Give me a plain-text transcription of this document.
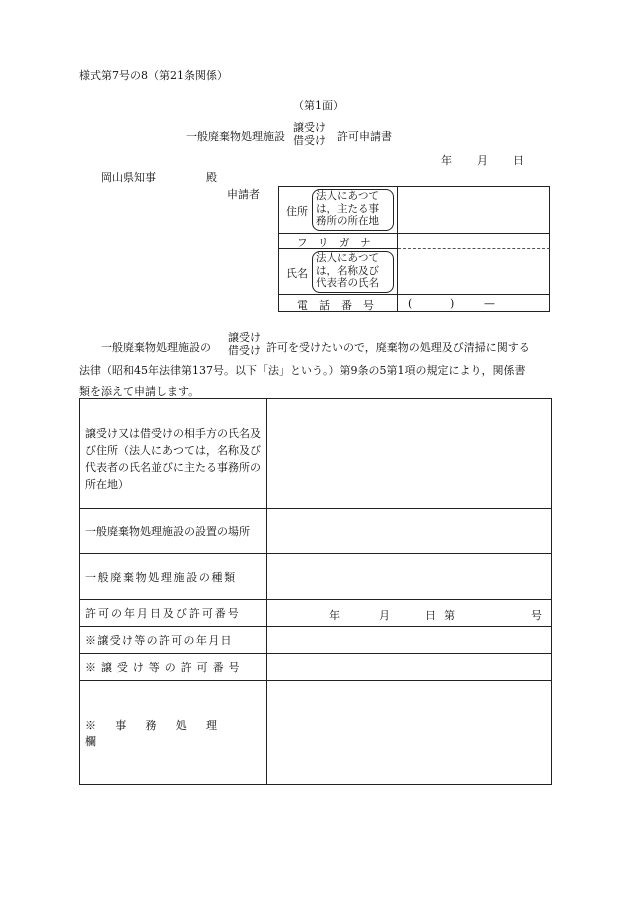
様式第7号の8（第21条関係）
（第1面）
一般廃棄物処理施設
譲受け
借受け 許可申請書
年 月 日
岡山県知事	殿
申請者
住所
法人にあつて
は，主たる事
務所の所在地
フ　リ　ガ　ナ
氏名
法人にあつて
は，名称及び
代表者の氏名
電　話　番　号	(	)	—
一般廃棄物処理施設の
譲受け
借受け 許可を受けたいので，廃棄物の処理及び清掃に関する
法律（昭和45年法律第137号。以下「法」という。）第9条の5第1項の規定により，関係書
類を添えて申請します。
譲受け又は借受けの相手方の氏名及び住所（法人にあつては，名称及び代表者の氏名並びに主たる事務所の所在地）
一般廃棄物処理施設の設置の場所
一般廃棄物処理施設の種類
許可の年月日及び許可番号	年	月	日 第	号
※譲受け等の許可の年月日
※譲受け等の許可番号
※事務処理欄
